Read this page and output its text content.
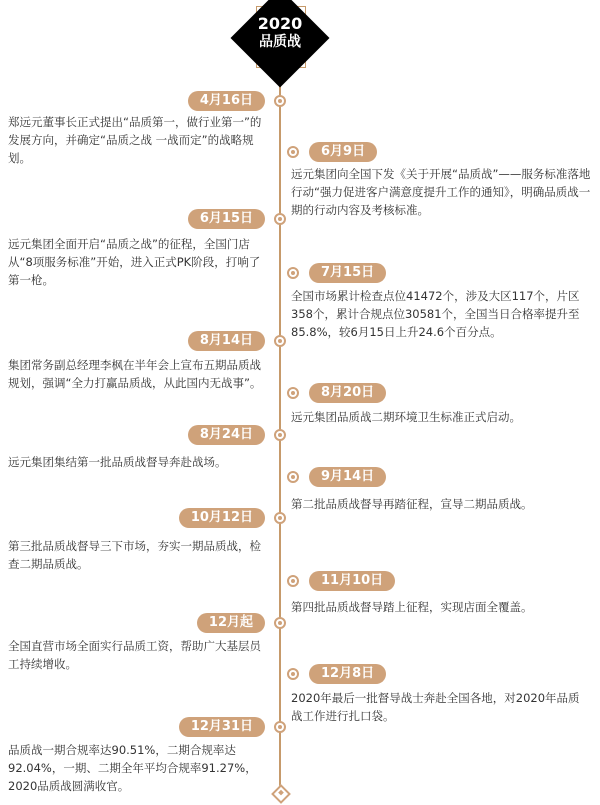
2020
品质战
4月16日
郑远元董事长正式提出“品质第一，做行业第一”的发展方向，并确定“品质之战 一战而定”的战略规划。	6月9日
远元集团向全国下发《关于开展“品质战”——服务标准落地行动“强力促进客户满意度提升工作的通知》，明确品质战一期的行动内容及考核标准。
6月15日
远元集团全面开启“品质之战”的征程，全国门店从“8项服务标准”开始，进入正式PK阶段，打响了第一枪。	7月15日
全国市场累计检查点位41472个，涉及大区117个，片区358个，累计合规点位30581个，全国当日合格率提升至85.8%，较6月15日上升24.6个百分点。
8月14日
集团常务副总经理李枫在半年会上宣布五期品质战规划，强调“全力打赢品质战，从此国内无战事”。
8月20日
远元集团品质战二期环境卫生标准正式启动。
8月24日
远元集团集结第一批品质战督导奔赴战场。
9月14日
第二批品质战督导再踏征程，宣导二期品质战。
10月12日
第三批品质战督导三下市场，夯实一期品质战，检查二期品质战。
11月10日
第四批品质战督导踏上征程，实现店面全覆盖。
12月起
全国直营市场全面实行品质工资，帮助广大基层员工持续增收。
12月8日
2020年最后一批督导战士奔赴全国各地，对2020年品质战工作进行扎口袋。
12月31日
品质战一期合规率达90.51%，二期合规率达92.04%，一期、二期全年平均合规率91.27%，2020品质战圆满收官。
